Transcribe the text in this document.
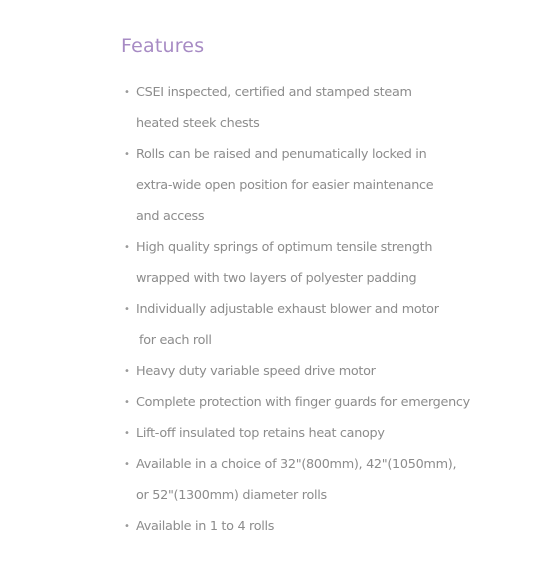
Features
• CSEI inspected, certified and stamped steam
heated steek chests
• Rolls can be raised and penumatically locked in
extra-wide open position for easier maintenance
and access
• High quality springs of optimum tensile strength
wrapped with two layers of polyester padding
• Individually adjustable exhaust blower and motor
for each roll
• Heavy duty variable speed drive motor
• Complete protection with finger guards for emergency
• Lift-off insulated top retains heat canopy
• Available in a choice of 32"(800mm), 42"(1050mm),
or 52"(1300mm) diameter rolls
• Available in 1 to 4 rolls
